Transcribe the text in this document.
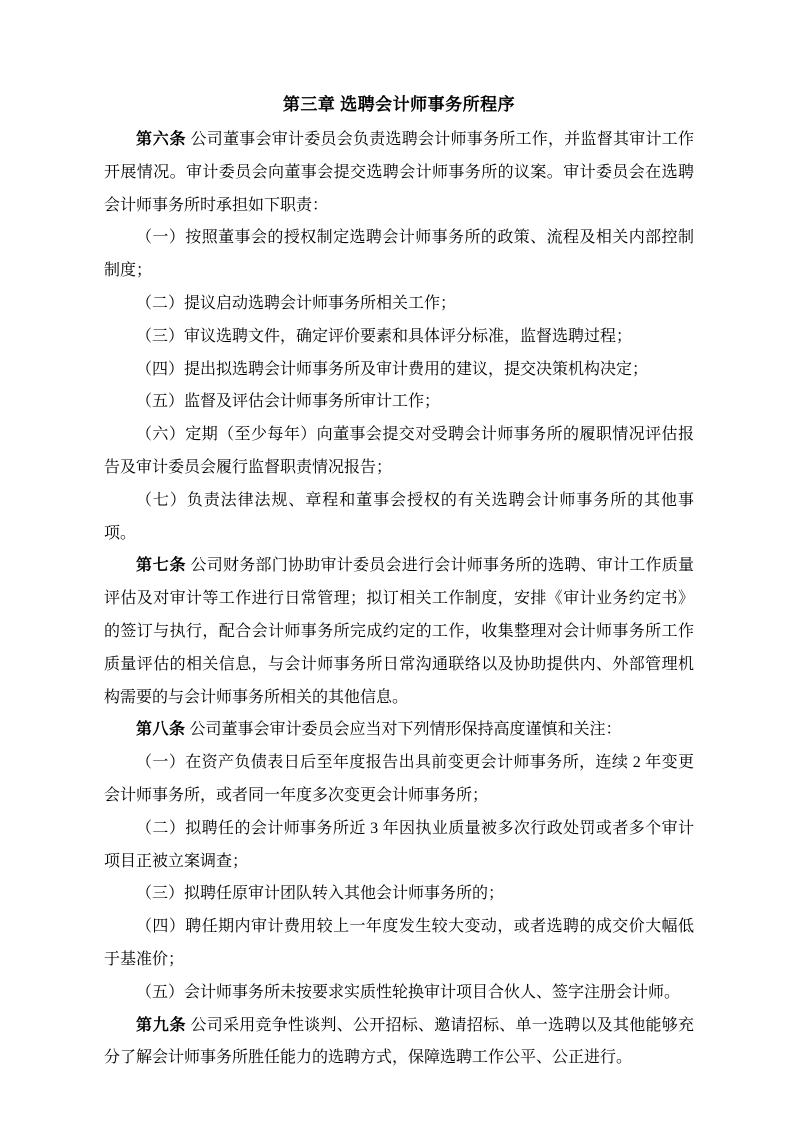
第三章 选聘会计师事务所程序

第六条 公司董事会审计委员会负责选聘会计师事务所工作，并监督其审计工作开展情况。审计委员会向董事会提交选聘会计师事务所的议案。审计委员会在选聘会计师事务所时承担如下职责：

（一）按照董事会的授权制定选聘会计师事务所的政策、流程及相关内部控制制度；

（二）提议启动选聘会计师事务所相关工作；

（三）审议选聘文件，确定评价要素和具体评分标准，监督选聘过程；

（四）提出拟选聘会计师事务所及审计费用的建议，提交决策机构决定；

（五）监督及评估会计师事务所审计工作；

（六）定期（至少每年）向董事会提交对受聘会计师事务所的履职情况评估报告及审计委员会履行监督职责情况报告；

（七）负责法律法规、章程和董事会授权的有关选聘会计师事务所的其他事项。

第七条 公司财务部门协助审计委员会进行会计师事务所的选聘、审计工作质量评估及对审计等工作进行日常管理；拟订相关工作制度，安排《审计业务约定书》的签订与执行，配合会计师事务所完成约定的工作，收集整理对会计师事务所工作质量评估的相关信息，与会计师事务所日常沟通联络以及协助提供内、外部管理机构需要的与会计师事务所相关的其他信息。

第八条 公司董事会审计委员会应当对下列情形保持高度谨慎和关注：

（一）在资产负债表日后至年度报告出具前变更会计师事务所，连续 2 年变更会计师事务所，或者同一年度多次变更会计师事务所；

（二）拟聘任的会计师事务所近 3 年因执业质量被多次行政处罚或者多个审计项目正被立案调查；

（三）拟聘任原审计团队转入其他会计师事务所的；

（四）聘任期内审计费用较上一年度发生较大变动，或者选聘的成交价大幅低于基准价；

（五）会计师事务所未按要求实质性轮换审计项目合伙人、签字注册会计师。

第九条 公司采用竞争性谈判、公开招标、邀请招标、单一选聘以及其他能够充分了解会计师事务所胜任能力的选聘方式，保障选聘工作公平、公正进行。
